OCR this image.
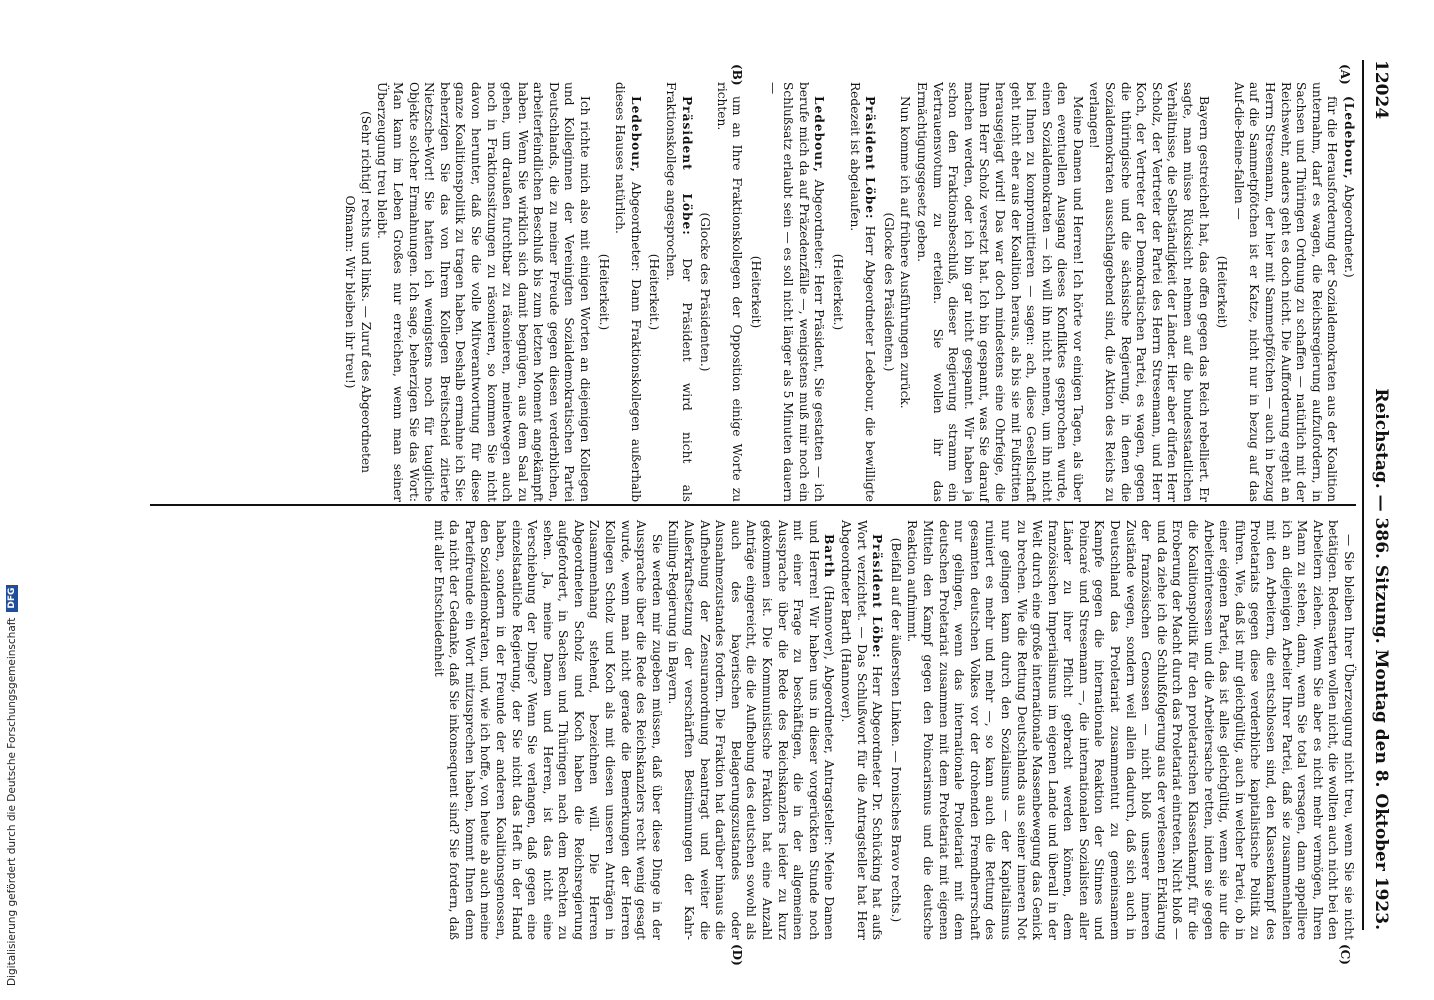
Digitalisierung gefördert durch die Deutsche Forschungsgemeinschaft
DFG
12024
Reichstag. — 386. Sitzung. Montag den 8. Oktober 1923.
(A)
(B)
(C)
(D)

(Ledebour, Abgeordneter.)

für die Herausforderung der Sozialdemokraten aus der Koalition unternahm, darf es wagen, die Reichsregierung aufzufordern, in Sachsen und Thüringen Ordnung zu schaffen — natürlich mit der Reichswehr, anders geht es doch nicht. Die Aufforderung ergeht an Herrn Stresemann, der hier mit Sammetpfötchen — auch in bezug auf die Sammetpfötchen ist er Katze, nicht nur in bezug auf das Auf-die-Beine-fallen —

(Heiterkeit)

Bayern gestreichelt hat, das offen gegen das Reich rebelliert. Er sagte, man müsse Rücksicht nehmen auf die bundesstaatlichen Verhältnisse, die Selbständigkeit der Länder. Hier aber dürfen Herr Scholz, der Vertreter der Partei des Herrn Stresemann, und Herr Koch, der Vertreter der Demokratischen Partei, es wagen, gegen die thüringische und die sächsische Regierung, in denen die Sozialdemokraten ausschlaggebend sind, die Aktion des Reichs zu verlangen!

Meine Damen und Herren! Ich hörte vor einigen Tagen, als über den eventuellen Ausgang dieses Konfliktes gesprochen wurde, einen Sozialdemokraten — ich will ihn nicht nennen, um ihn nicht bei Ihnen zu kompromittieren — sagen: ach, diese Gesellschaft geht nicht eher aus der Koalition heraus, als bis sie mit Fußtritten herausgejagt wird! Das war doch mindestens eine Ohrfeige, die Ihnen Herr Scholz versetzt hat. Ich bin gespannt, was Sie darauf machen werden, oder ich bin gar nicht gespannt. Wir haben ja schon den Fraktionsbeschluß, dieser Regierung stramm ein Vertrauensvotum zu erteilen. Sie wollen ihr das Ermächtigungsgesetz geben.

Nun komme ich auf frühere Ausführungen zurück.

(Glocke des Präsidenten.)

Präsident Löbe: Herr Abgeordneter Ledebour, die bewilligte Redezeit ist abgelaufen.

(Heiterkeit.)

Ledebour, Abgeordneter: Herr Präsident, Sie gestatten — ich berufe mich da auf Präzedenzfälle —, wenigstens muß mir noch ein Schlußsatz erlaubt sein — es soll nicht länger als 5 Minuten dauern —

(Heiterkeit)

um an Ihre Fraktionskollegen der Opposition einige Worte zu richten.

(Glocke des Präsidenten.)

Präsident Löbe: Der Präsident wird nicht als Fraktionskollege angesprochen.

(Heiterkeit.)

Ledebour, Abgeordneter: Dann Fraktionskollegen außerhalb dieses Hauses natürlich.

(Heiterkeit.)

Ich richte mich also mit einigen Worten an diejenigen Kollegen und Kolleginnen der Vereinigten Sozialdemokratischen Partei Deutschlands, die zu meiner Freude gegen diesen verderblichen, arbeiterfeindlichen Beschluß bis zum letzten Moment angekämpft haben. Wenn Sie wirklich sich damit begnügen, aus dem Saal zu gehen, um draußen furchtbar zu räsonieren, meinetwegen auch noch in Fraktionssitzungen zu räsonieren, so kommen Sie nicht davon herunter, daß Sie die volle Mitverantwortung für diese ganze Koalitionspolitik zu tragen haben. Deshalb ermahne ich Sie: beherzigen Sie das von Ihrem Kollegen Breitscheid zitierte Nietzsche-Wort! Sie hatten ich wenigstens noch für taugliche Objekte solcher Ermahnungen. Ich sage, beherzigen Sie das Wort: Man kann im Leben Großes nur erreichen, wenn man seiner Überzeugung treu bleibt.

(Sehr richtig! rechts und links. — Zuruf des Abgeordneten Oßmann: Wir bleiben ihr treu!)

— Sie bleiben Ihrer Überzeugung nicht treu, wenn Sie sie nicht betätigen. Redensarten wollen nicht, die wollten auch nicht bei den Arbeitern ziehen. Wenn Sie aber es nicht mehr vermögen, Ihren Mann zu stehen, dann, wenn Sie total versagen, dann appelliere ich an diejenigen Arbeiter Ihrer Partei, daß sie zusammenhalten mit den Arbeitern, die entschlossen sind, den Klassenkampf des Proletariats gegen diese verderbliche kapitalistische Politik zu führen. Wie, daß ist mir gleichgültig, auch in welcher Partei, ob in einer eigenen Partei, das ist alles gleichgültig, wenn sie nur die Arbeiterinteressen und die Arbeitersache retten, indem sie gegen die Koalitionspolitik für den proletarischen Klassenkampf, für die Eroberung der Macht durch das Proletariat eintreten. Nicht bloß — und da ziehe ich die Schlußfolgerung aus der verlesenen Erklärung der französischen Genossen — nicht bloß unserer inneren Zustände wegen, sondern weil allein dadurch, daß sich auch in Deutschland das Proletariat zusammentut zu gemeinsamem Kampfe gegen die internationale Reaktion der Stinnes und Poincaré und Stresemann —, die internationalen Sozialisten aller Länder zu ihrer Pflicht gebracht werden können, dem französischen Imperialismus im eigenen Lande und überall in der Welt durch eine große internationale Massenbewegung das Genick zu brechen. Wie die Rettung Deutschlands aus seiner inneren Not nur gelingen kann durch den Sozialismus — der Kapitalismus ruiniert es mehr und mehr —, so kann auch die Rettung des gesamten deutschen Volkes vor der drohenden Fremdherrschaft nur gelingen, wenn das internationale Proletariat mit dem deutschen Proletariat zusammen mit dem Proletariat mit eigenen Mitteln den Kampf gegen den Poincarismus und die deutsche Reaktion aufnimmt.

(Beifall auf der äußersten Linken. — Ironisches Bravo rechts.)

Präsident Löbe: Herr Abgeordneter Dr. Schücking hat aufs Wort verzichtet. — Das Schlußwort für die Antragsteller hat Herr Abgeordneter Barth (Hannover).

Barth (Hannover), Abgeordneter, Antragsteller: Meine Damen und Herren! Wir haben uns in dieser vorgerückten Stunde noch mit einer Frage zu beschäftigen, die in der allgemeinen Aussprache über die Rede des Reichskanzlers leider zu kurz gekommen ist. Die Kommunistische Fraktion hat eine Anzahl Anträge eingereicht, die die Aufhebung des deutschen sowohl als auch des bayerischen Belagerungszustandes oder Ausnahmezustandes fordern. Die Fraktion hat darüber hinaus die Aufhebung der Zensuranordnung beantragt und weiter die Außerkraftsetzung der verschärften Bestimmungen der Kahr-Knilling-Regierung in Bayern.

Sie werden mir zugeben müssen, daß über diese Dinge in der Aussprache über die Rede des Reichskanzlers recht wenig gesagt wurde, wenn man nicht gerade die Bemerkungen der Herren Kollegen Scholz und Koch als mit diesen unseren Anträgen in Zusammenhang stehend, bezeichnen will. Die Herren Abgeordneten Scholz und Koch haben die Reichsregierung aufgefordert, in Sachsen und Thüringen nach dem Rechten zu sehen. Ja, meine Damen und Herren, ist das nicht eine Verschiebung der Dinge? Wenn Sie verlangen, daß gegen eine einzelstaatliche Regierung, der Sie nicht das Heft in der Hand haben, sondern in der Freunde der anderen Koalitionsgenossen, den Sozialdemokraten, und, wie ich hoffe, von heute ab auch meine Parteifreunde ein Wort mitzusprechen haben, kommt Ihnen denn da nicht der Gedanke, daß Sie inkonsequent sind? Sie fordern, daß mit aller Entschiedenheit
